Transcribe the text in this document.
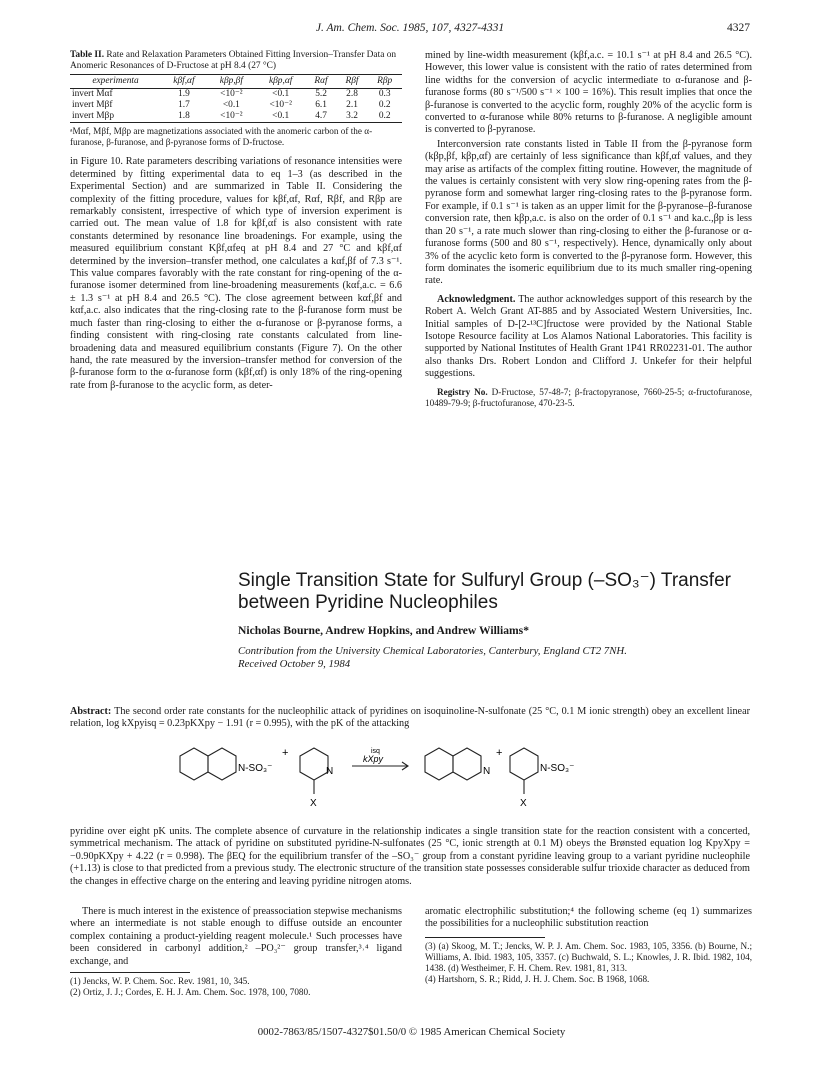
J. Am. Chem. Soc. 1985, 107, 4327-4331	4327
Table II. Rate and Relaxation Parameters Obtained Fitting Inversion–Transfer Data on Anomeric Resonances of D-Fructose at pH 8.4 (27 °C)
experimenta	kβf,αf	kβp,βf	kβp,αf	Rαf	Rβf	Rβp
invert Mαf	1.9	<10⁻²	<0.1	5.2	2.8	0.3
invert Mβf	1.7	<0.1	<10⁻²	6.1	2.1	0.2
invert Mβp	1.8	<10⁻²	<0.1	4.7	3.2	0.2
ᵃMαf, Mβf, Mβp are magnetizations associated with the anomeric carbon of the α-furanose, β-furanose, and β-pyranose forms of D-fructose.

in Figure 10. Rate parameters describing variations of resonance intensities were determined by fitting experimental data to eq 1–3 (as described in the Experimental Section) and are summarized in Table II. Considering the complexity of the fitting procedure, values for kβf,αf, Rαf, Rβf, and Rβp are remarkably consistent, irrespective of which type of inversion experiment is carried out. The mean value of 1.8 for kβf,αf is also consistent with rate constants determined by resonance line broadenings. For example, using the measured equilibrium constant Kβf,αfeq at pH 8.4 and 27 °C and kβf,αf determined by the inversion–transfer method, one calculates a kαf,βf of 7.3 s⁻¹. This value compares favorably with the rate constant for ring-opening of the α-furanose isomer determined from line-broadening measurements (kαf,a.c. = 6.6 ± 1.3 s⁻¹ at pH 8.4 and 26.5 °C). The close agreement between kαf,βf and kαf,a.c. also indicates that the ring-closing rate to the β-furanose form must be much faster than ring-closing to either the α-furanose or β-pyranose forms, a finding consistent with ring-closing rate constants calculated from line-broadening data and measured equilibrium constants (Figure 7). On the other hand, the rate measured by the inversion–transfer method for conversion of the β-furanose form to the α-furanose form (kβf,αf) is only 18% of the ring-opening rate from β-furanose to the acyclic form, as deter-

mined by line-width measurement (kβf,a.c. = 10.1 s⁻¹ at pH 8.4 and 26.5 °C). However, this lower value is consistent with the ratio of rates determined from line widths for the conversion of acyclic intermediate to α-furanose and β-furanose forms (80 s⁻¹/500 s⁻¹ × 100 = 16%). This result implies that once the β-furanose is converted to the acyclic form, roughly 20% of the acyclic form is converted to α-furanose while 80% returns to β-furanose. A negligible amount is converted to β-pyranose.

Interconversion rate constants listed in Table II from the β-pyranose form (kβp,βf, kβp,αf) are certainly of less significance than kβf,αf values, and they may arise as artifacts of the complex fitting routine. However, the magnitude of the values is certainly consistent with very slow ring-opening rates from the β-pyranose form and somewhat larger ring-closing rates to the β-pyranose form. For example, if 0.1 s⁻¹ is taken as an upper limit for the β-pyranose–β-furanose conversion rate, then kβp,a.c. is also on the order of 0.1 s⁻¹ and ka.c.,βp is less than 20 s⁻¹, a rate much slower than ring-closing to either the β-furanose or α-furanose forms (500 and 80 s⁻¹, respectively). Hence, dynamically only about 3% of the acyclic keto form is converted to the β-pyranose form. However, this form dominates the isomeric equilibrium due to its much smaller ring-opening rate.

Acknowledgment. The author acknowledges support of this research by the Robert A. Welch Grant AT-885 and by Associated Western Universities, Inc. Initial samples of D-[2-¹³C]fructose were provided by the National Stable Isotope Resource facility at Los Alamos National Laboratories. This facility is supported by National Institutes of Health Grant 1P41 RR02231-01. The author also thanks Drs. Robert London and Clifford J. Unkefer for their helpful suggestions.

Registry No. D-Fructose, 57-48-7; β-fractopyranose, 7660-25-5; α-fructofuranose, 10489-79-9; β-fructofuranose, 470-23-5.

Single Transition State for Sulfuryl Group (–SO₃⁻) Transfer
between Pyridine Nucleophiles
Nicholas Bourne, Andrew Hopkins, and Andrew Williams*
Contribution from the University Chemical Laboratories, Canterbury, England CT2 7NH.
Received October 9, 1984
Abstract: The second order rate constants for the nucleophilic attack of pyridines on isoquinoline-N-sulfonate (25 °C, 0.1 M ionic strength) obey an excellent linear relation, log kXpyisq = 0.23pKXpy − 1.91 (r = 0.995), with the pK of the attacking
N-SO₃⁻
+
N
X
isq
kXpy
N
+
N-SO₃⁻
X
pyridine over eight pK units. The complete absence of curvature in the relationship indicates a single transition state for the reaction consistent with a concerted, symmetrical mechanism. The attack of pyridine on substituted pyridine-N-sulfonates (25 °C, ionic strength at 0.1 M) obeys the Brønsted equation log KpyXpy = −0.90pKXpy + 4.22 (r = 0.998). The βEQ for the equilibrium transfer of the –SO₃⁻ group from a constant pyridine leaving group to a variant pyridine nucleophile (+1.13) is close to that predicted from a previous study. The electronic structure of the transition state possesses considerable sulfur trioxide character as deduced from the changes in effective charge on the entering and leaving pyridine nitrogen atoms.

There is much interest in the existence of preassociation stepwise mechanisms where an intermediate is not stable enough to diffuse outside an encounter complex containing a product-yielding reagent molecule.¹ Such processes have been considered in carbonyl addition,² –PO₃²⁻ group transfer,³˒⁴ ligand exchange, and

(1) Jencks, W. P. Chem. Soc. Rev. 1981, 10, 345.
(2) Ortiz, J. J.; Cordes, E. H. J. Am. Chem. Soc. 1978, 100, 7080.

aromatic electrophilic substitution;⁴ the following scheme (eq 1) summarizes the possibilities for a nucleophilic substitution reaction

(3) (a) Skoog, M. T.; Jencks, W. P. J. Am. Chem. Soc. 1983, 105, 3356. (b) Bourne, N.; Williams, A. Ibid. 1983, 105, 3357. (c) Buchwald, S. L.; Knowles, J. R. Ibid. 1982, 104, 1438. (d) Westheimer, F. H. Chem. Rev. 1981, 81, 313.
(4) Hartshorn, S. R.; Ridd, J. H. J. Chem. Soc. B 1968, 1068.
0002-7863/85/1507-4327$01.50/0 © 1985 American Chemical Society
